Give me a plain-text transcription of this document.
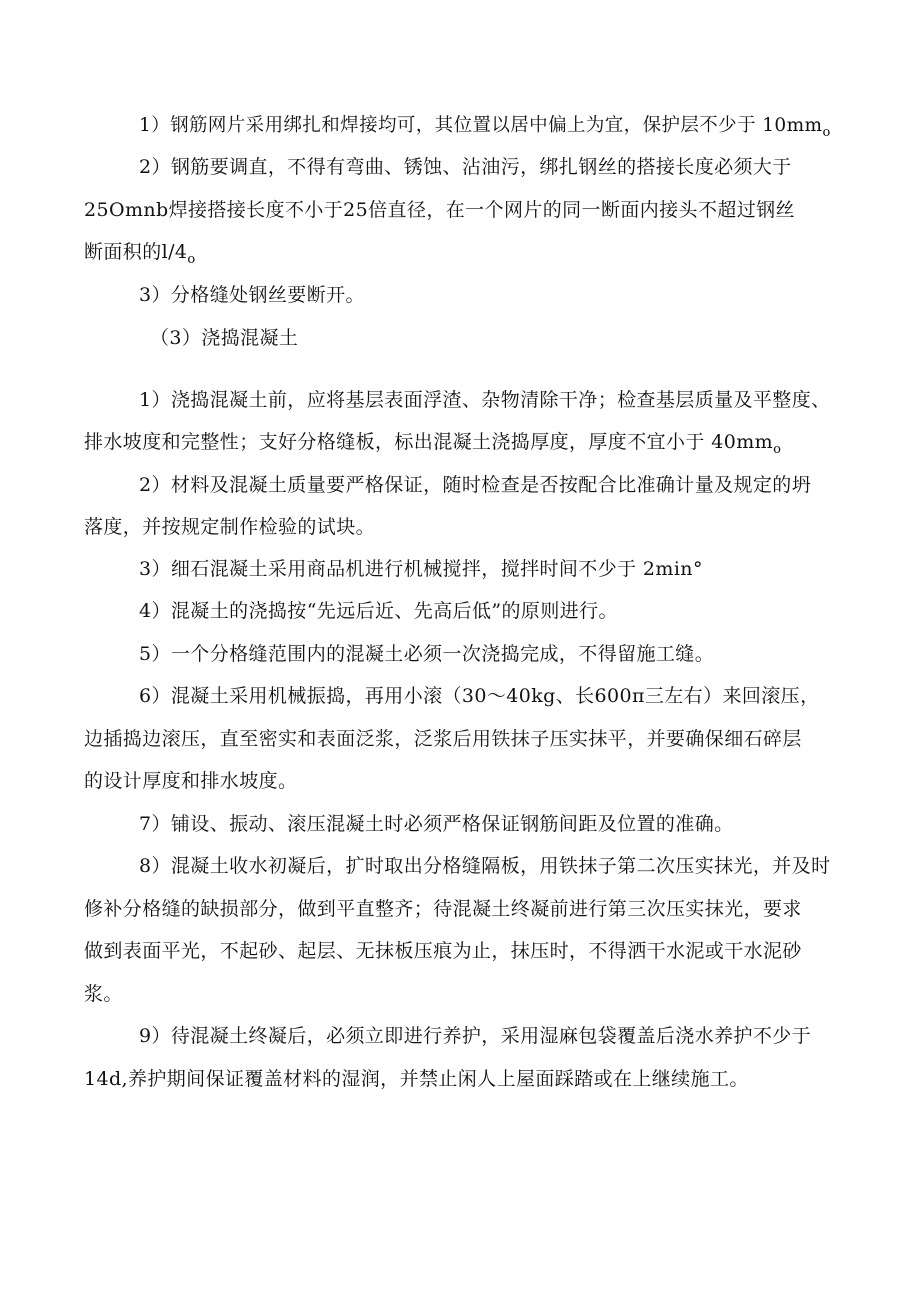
1）钢筋网片采用绑扎和焊接均可，其位置以居中偏上为宜，保护层不少于 $10mm_o$
2）钢筋要调直，不得有弯曲、锈蚀、沾油污，绑扎钢丝的搭接长度必须大于
25Omnb焊接搭接长度不小于25倍直径，在一个网片的同一断面内接头不超过钢丝
断面积的$l∕4_o$
3）分格缝处钢丝要断开。
（3）浇捣混凝土
1）浇捣混凝土前，应将基层表面浮渣、杂物清除干净；检查基层质量及平整度、
排水坡度和完整性；支好分格缝板，标出混凝土浇捣厚度，厚度不宜小于 $40mm_o$
2）材料及混凝土质量要严格保证，随时检查是否按配合比准确计量及规定的坍
落度，并按规定制作检验的试块。
3）细石混凝土采用商品机进行机械搅拌，搅拌时间不少于 2min°
4）混凝土的浇捣按“先远后近、先高后低”的原则进行。
5）一个分格缝范围内的混凝土必须一次浇捣完成，不得留施工缝。
6）混凝土采用机械振捣，再用小滚（30～40kg、长600π三左右）来回滚压，
边插捣边滚压，直至密实和表面泛浆，泛浆后用铁抹子压实抹平，并要确保细石碎层
的设计厚度和排水坡度。
7）铺设、振动、滚压混凝土时必须严格保证钢筋间距及位置的准确。
8）混凝土收水初凝后，扩时取出分格缝隔板，用铁抹子第二次压实抹光，并及时
修补分格缝的缺损部分，做到平直整齐；待混凝土终凝前进行第三次压实抹光，要求
做到表面平光，不起砂、起层、无抹板压痕为止，抹压时，不得洒干水泥或干水泥砂
浆。
9）待混凝土终凝后，必须立即进行养护，采用湿麻包袋覆盖后浇水养护不少于
14d,养护期间保证覆盖材料的湿润，并禁止闲人上屋面踩踏或在上继续施工。
